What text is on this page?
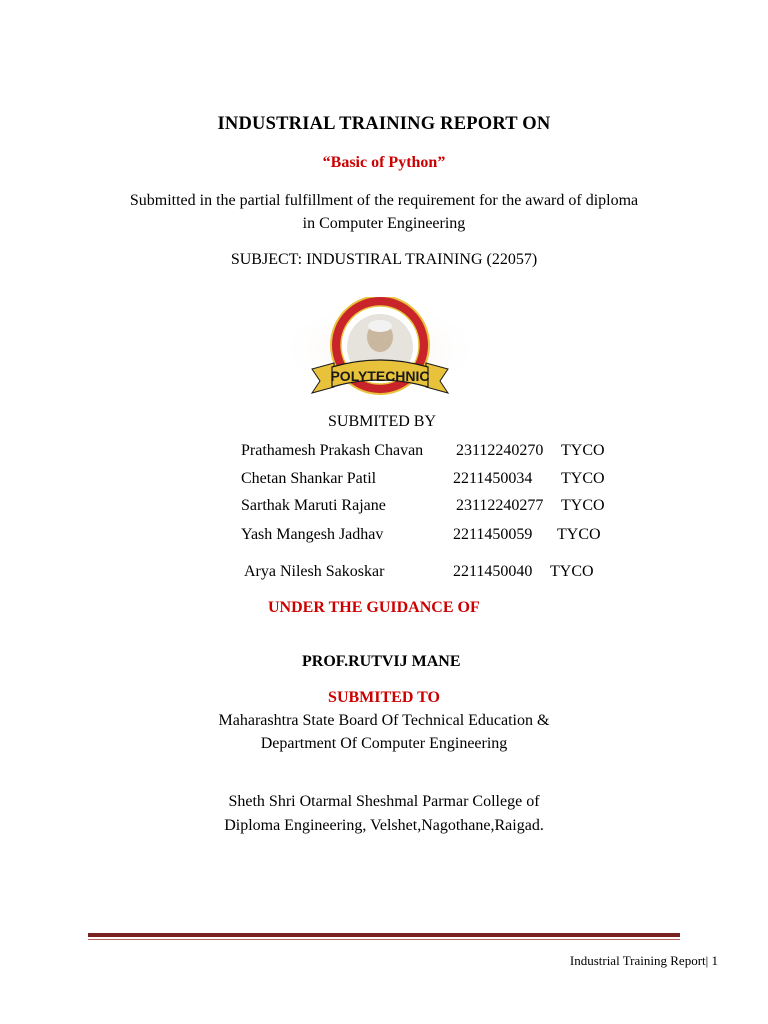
INDUSTRIAL TRAINING REPORT ON
“Basic of Python”
Submitted in the partial fulfillment of the requirement for the award of diploma
in Computer Engineering
SUBJECT: INDUSTIRAL TRAINING (22057)
POLYTECHNIC
.
SUBMITED BY
Prathamesh Prakash Chavan 23112240270 TYCO
Chetan Shankar Patil	2211450034 TYCO
Sarthak Maruti Rajane	23112240277 TYCO
Yash Mangesh Jadhav	2211450059 TYCO
Arya Nilesh Sakoskar	2211450040 TYCO
UNDER THE GUIDANCE OF
PROF.RUTVIJ MANE
SUBMITED TO
Maharashtra State Board Of Technical Education &
Department Of Computer Engineering
Sheth Shri Otarmal Sheshmal Parmar College of
Diploma Engineering, Velshet,Nagothane,Raigad.
Industrial Training Report| 1
